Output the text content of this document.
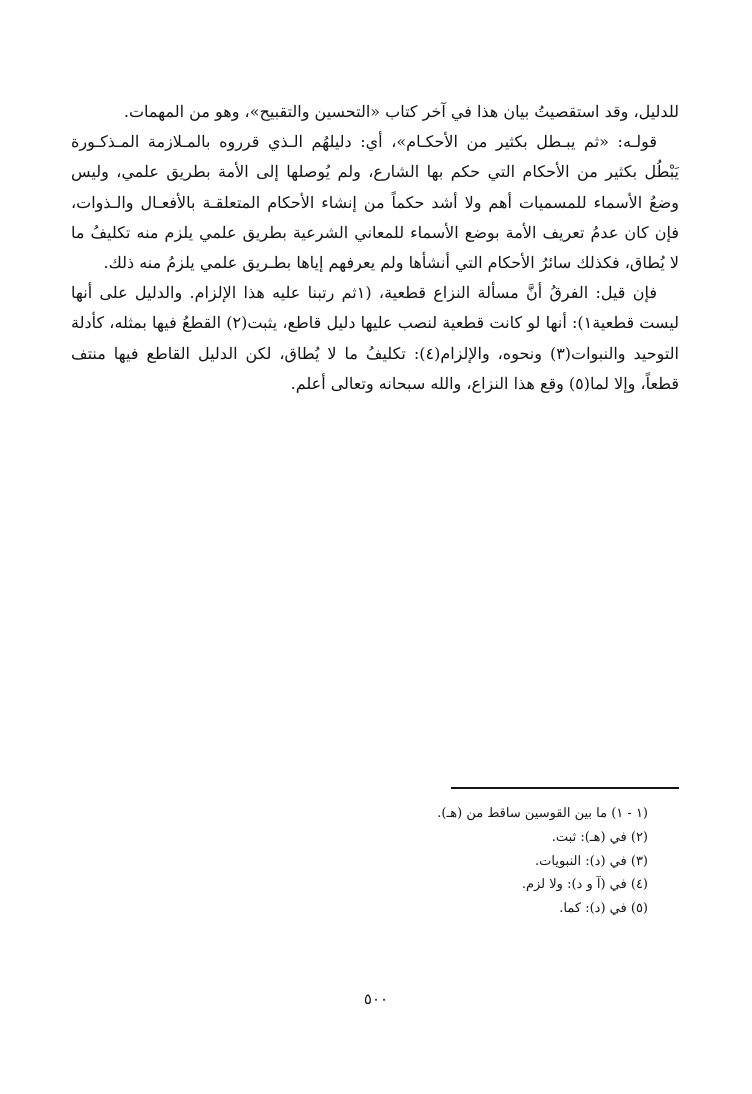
للدليل، وقد استقصيتُ بيان هذا في آخر كتاب «التحسين والتقبيح»، وهو من المهمات.

قولـه: «ثم يبـطل بكثير من الأحكـام»، أي: دليلهُم الـذي قرروه بالمـلازمة المـذكـورة يَبْطُل بكثير من الأحكام التي حكم بها الشارع، ولم يُوصلها إلى الأمة بطريق علمي، وليس وضعُ الأسماء للمسميات أهم ولا أشد حكماً من إنشاء الأحكام المتعلقـة بالأفعـال والـذوات، فإن كان عدمُ تعريف الأمة بوضع الأسماء للمعاني الشرعية بطريق علمي يلزم منه تكليفُ ما لا يُطاق، فكذلك سائرُ الأحكام التي أنشأها ولم يعرفهم إياها بطـريق علمي يلزمُ منه ذلك.

فإن قيل: الفرقُ أنَّ مسألة النزاع قطعية، (١ثم رتبنا عليه هذا الإلزام. والدليل على أنها ليست قطعية١): أنها لو كانت قطعية لنصب عليها دليل قاطع، يثبت(٢) القطعُ فيها بمثله، كأدلة التوحيد والنبوات(٣) ونحوه، والإلزام(٤): تكليفُ ما لا يُطاق، لكن الدليل القاطع فيها منتف قطعاً، وإلا لما(٥) وقع هذا النزاع، والله سبحانه وتعالى أعلم.

(١ - ١) ما بين القوسين ساقط من (هـ).
(٢) في (هـ): ثبت.
(٣) في (د): النبويات.
(٤) في (آ و د): ولا لزم.
(٥) في (د): كما.
٥٠٠
